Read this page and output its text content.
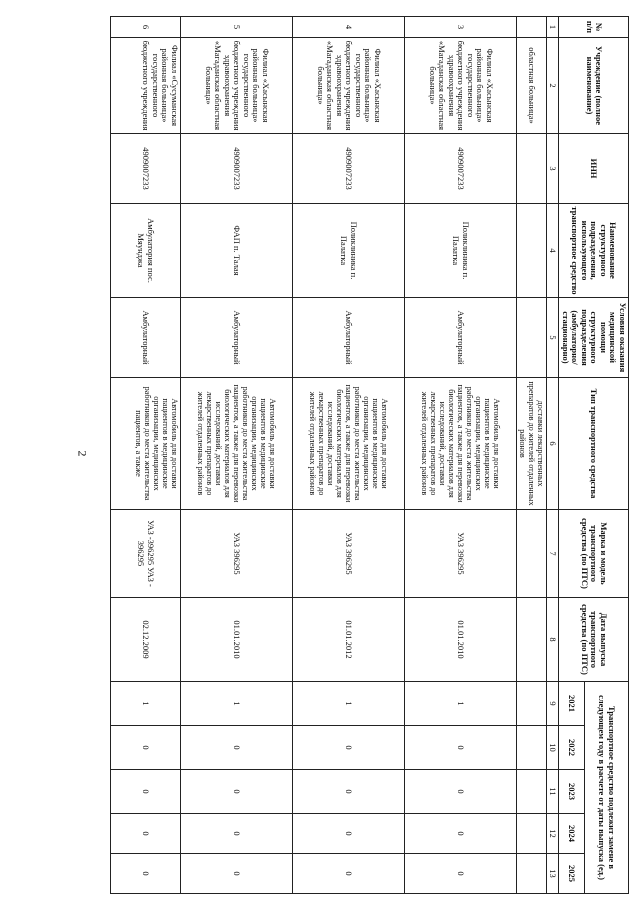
2
№ п/п	Учреждение (полное наименование)	ИНН	Наименование структурного подразделения, использующего транспортное средство	Условия оказания медицинской помощи структурного подразделения (амбулаторно/ стационарно)	Тип транспортного средства	Марка и модель транспортного средства (по ПТС)	Дата выпуска транспортного средства (по ПТС)	Транспортное средство подлежит замене в следующем году в расчете от даты выпуска (ед.)				
								2021	2022	2023	2024	2025
1	2	3	4	5	6	7	8	9	10	11	12	13
	областная больница»				доставки лекарственных препаратов до жителей отдаленных районов							
3	Филиал «Хасынская районная больница» государственного бюджетного учреждения здравоохранения «Магаданская областная больница»	4909007233	Поликлиника п. Палатка	Амбулаторный	Автомобиль для доставки пациентов в медицинские организации, медицинских работников до места жительства пациентов, а также для перевозки биологических материалов для исследований, доставки лекарственных препаратов до жителей отдаленных районов	УАЗ 396295	01.01.2010	1	0	0	0	0
4	Филиал «Хасынская районная больница» государственного бюджетного учреждения здравоохранения «Магаданская областная больница»	4909007233	Поликлиника п. Палатка	Амбулаторный	Автомобиль для доставки пациентов в медицинские организации, медицинских работников до места жительства пациентов, а также для перевозки биологических материалов для исследований, доставки лекарственных препаратов до жителей отдаленных районов	УАЗ 396295	01.01.2012	1	0	0	0	0
5	Филиал «Хасынская районная больница» государственного бюджетного учреждения здравоохранения «Магаданская областная больница»	4909007233	ФАП п. Талая	Амбулаторный	Автомобиль для доставки пациентов в медицинские организации, медицинских работников до места жительства пациентов, а также для перевозки биологических материалов для исследований, доставки лекарственных препаратов до жителей отдаленных районов	УАЗ 396295	01.01.2010	1	0	0	0	0
6	Филиал «Сусуманская районная больница» государственного бюджетного учреждения	4909007233	Амбулатория пос. Мяунджа	Амбулаторный	Автомобиль для доставки пациентов в медицинские организации, медицинских работников до места жительства пациентов, а также	УАЗ -396295 УАЗ - 396295	02.12.2009	1	0	0	0	0
